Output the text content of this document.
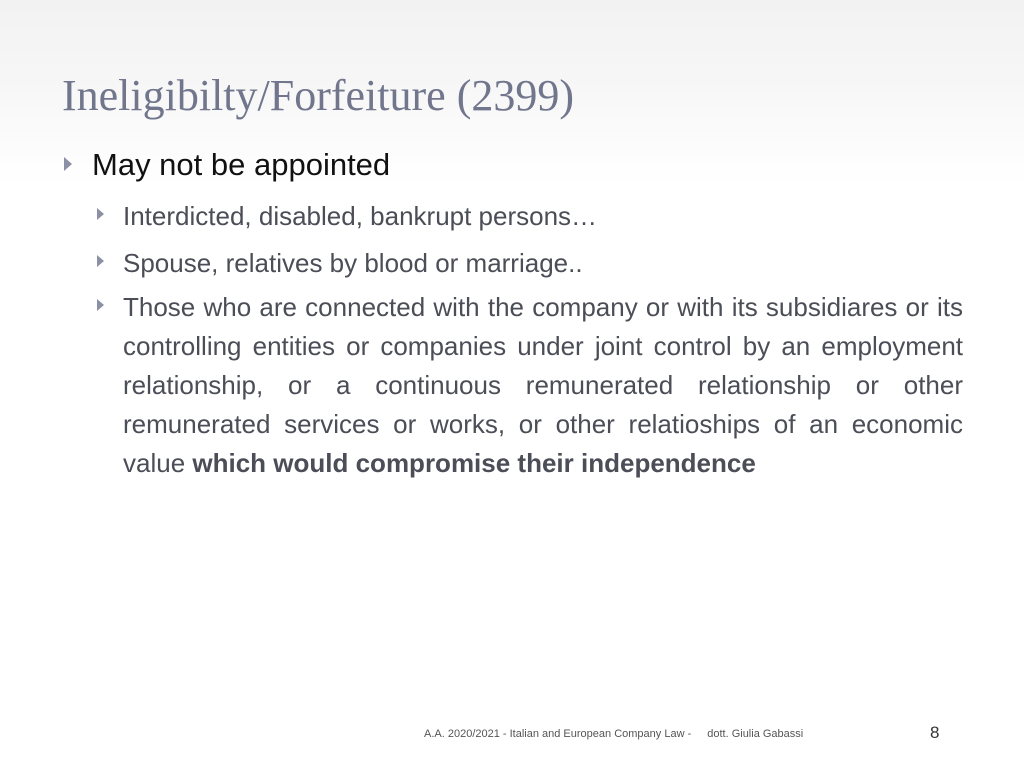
Ineligibilty/Forfeiture (2399)
May not be appointed
Interdicted, disabled, bankrupt persons…
Spouse, relatives by blood or marriage..
Those who are connected with the company or with its subsidiares or its controlling entities or companies under joint control by an employment relationship, or a continuous remunerated relationship or other remunerated services or works, or other relatioships of an economic value which would compromise their independence
A.A. 2020/2021 - Italian and European Company Law - dott. Giulia Gabassi	8
